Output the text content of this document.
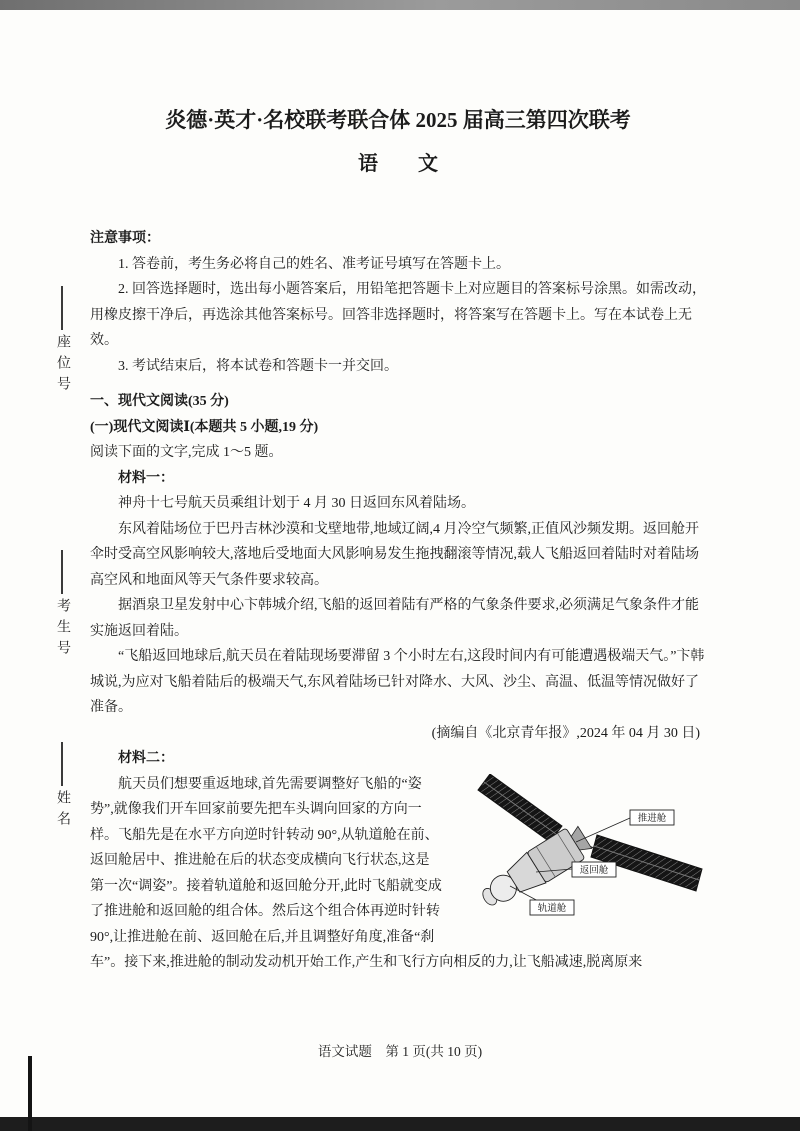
座位号
考生号
姓名
炎德·英才·名校联考联合体 2025 届高三第四次联考
语　文

注意事项：

1. 答卷前，考生务必将自己的姓名、准考证号填写在答题卡上。

2. 回答选择题时，选出每小题答案后，用铅笔把答题卡上对应题目的答案标号涂黑。如需改动，用橡皮擦干净后，再选涂其他答案标号。回答非选择题时，将答案写在答题卡上。写在本试卷上无效。

3. 考试结束后，将本试卷和答题卡一并交回。

一、现代文阅读(35 分)

(一)现代文阅读Ⅰ(本题共 5 小题,19 分)

阅读下面的文字,完成 1～5 题。

材料一：

神舟十七号航天员乘组计划于 4 月 30 日返回东风着陆场。

东风着陆场位于巴丹吉林沙漠和戈壁地带,地域辽阔,4 月冷空气频繁,正值风沙频发期。返回舱开伞时受高空风影响较大,落地后受地面大风影响易发生拖拽翻滚等情况,载人飞船返回着陆时对着陆场高空风和地面风等天气条件要求较高。

据酒泉卫星发射中心卞韩城介绍,飞船的返回着陆有严格的气象条件要求,必须满足气象条件才能实施返回着陆。

“飞船返回地球后,航天员在着陆现场要滞留 3 个小时左右,这段时间内有可能遭遇极端天气。”卞韩城说,为应对飞船着陆后的极端天气,东风着陆场已针对降水、大风、沙尘、高温、低温等情况做好了准备。

(摘编自《北京青年报》,2024 年 04 月 30 日)

材料二：

推进舱
返回舱
轨道舱

航天员们想要重返地球,首先需要调整好飞船的“姿势”,就像我们开车回家前要先把车头调向回家的方向一样。飞船先是在水平方向逆时针转动 90°,从轨道舱在前、返回舱居中、推进舱在后的状态变成横向飞行状态,这是第一次“调姿”。接着轨道舱和返回舱分开,此时飞船就变成了推进舱和返回舱的组合体。然后这个组合体再逆时针转 90°,让推进舱在前、返回舱在后,并且调整好角度,准备“刹车”。接下来,推进舱的制动发动机开始工作,产生和飞行方向相反的力,让飞船减速,脱离原来

语文试题　第 1 页(共 10 页)
